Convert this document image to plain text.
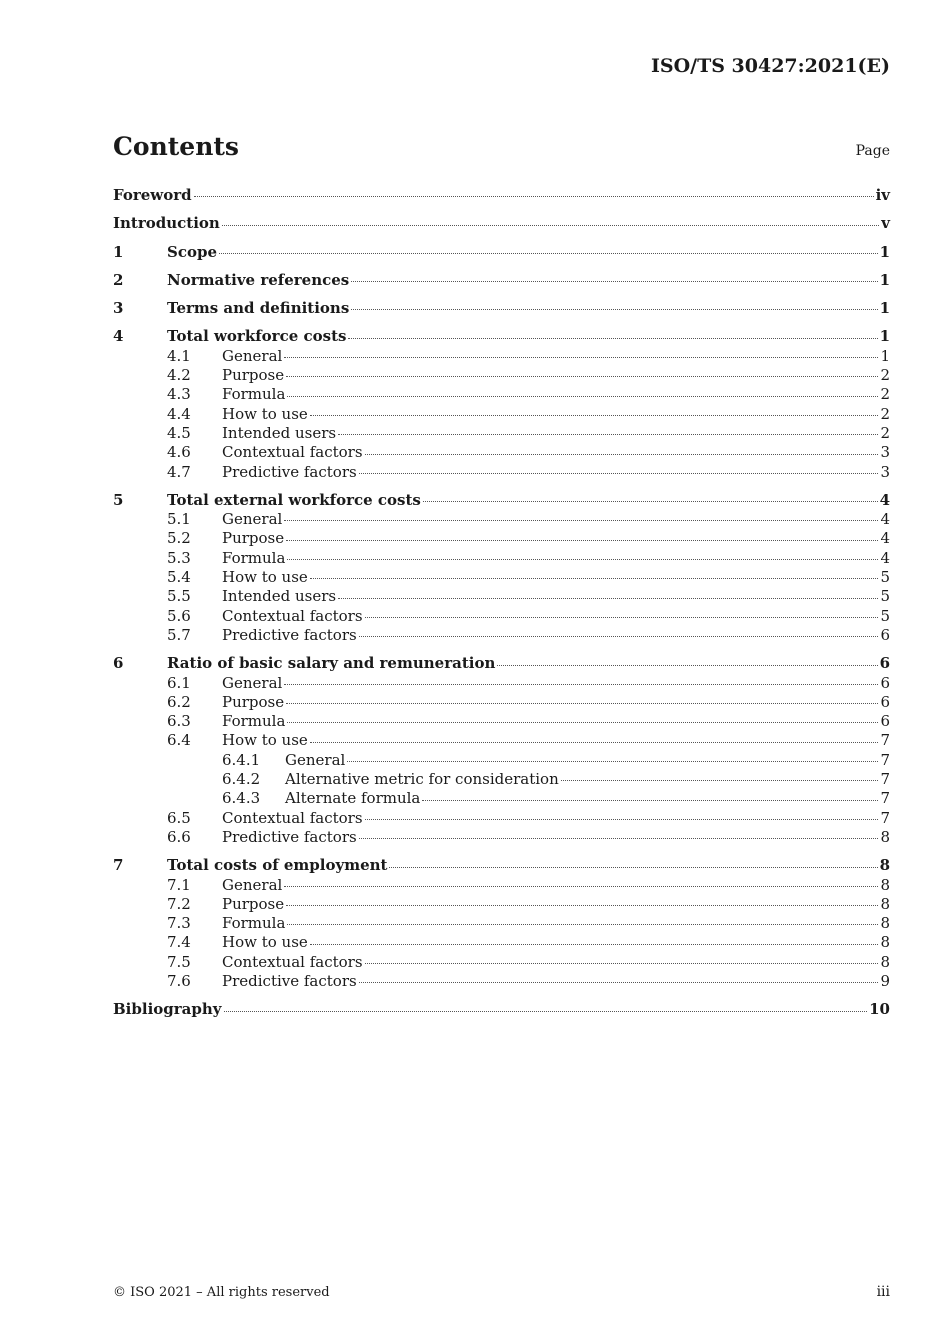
ISO/TS 30427:2021(E)
Contents	Page
Foreword	iv
Introduction	v
1	Scope	1
2	Normative references	1
3	Terms and definitions	1
4	Total workforce costs	1
4.1	General	1
4.2	Purpose	2
4.3	Formula	2
4.4	How to use	2
4.5	Intended users	2
4.6	Contextual factors	3
4.7	Predictive factors	3
5	Total external workforce costs	4
5.1	General	4
5.2	Purpose	4
5.3	Formula	4
5.4	How to use	5
5.5	Intended users	5
5.6	Contextual factors	5
5.7	Predictive factors	6
6	Ratio of basic salary and remuneration	6
6.1	General	6
6.2	Purpose	6
6.3	Formula	6
6.4	How to use	7
6.4.1	General	7
6.4.2	Alternative metric for consideration	7
6.4.3	Alternate formula	7
6.5	Contextual factors	7
6.6	Predictive factors	8
7	Total costs of employment	8
7.1	General	8
7.2	Purpose	8
7.3	Formula	8
7.4	How to use	8
7.5	Contextual factors	8
7.6	Predictive factors	9
Bibliography	10
© ISO 2021 – All rights reserved	iii
